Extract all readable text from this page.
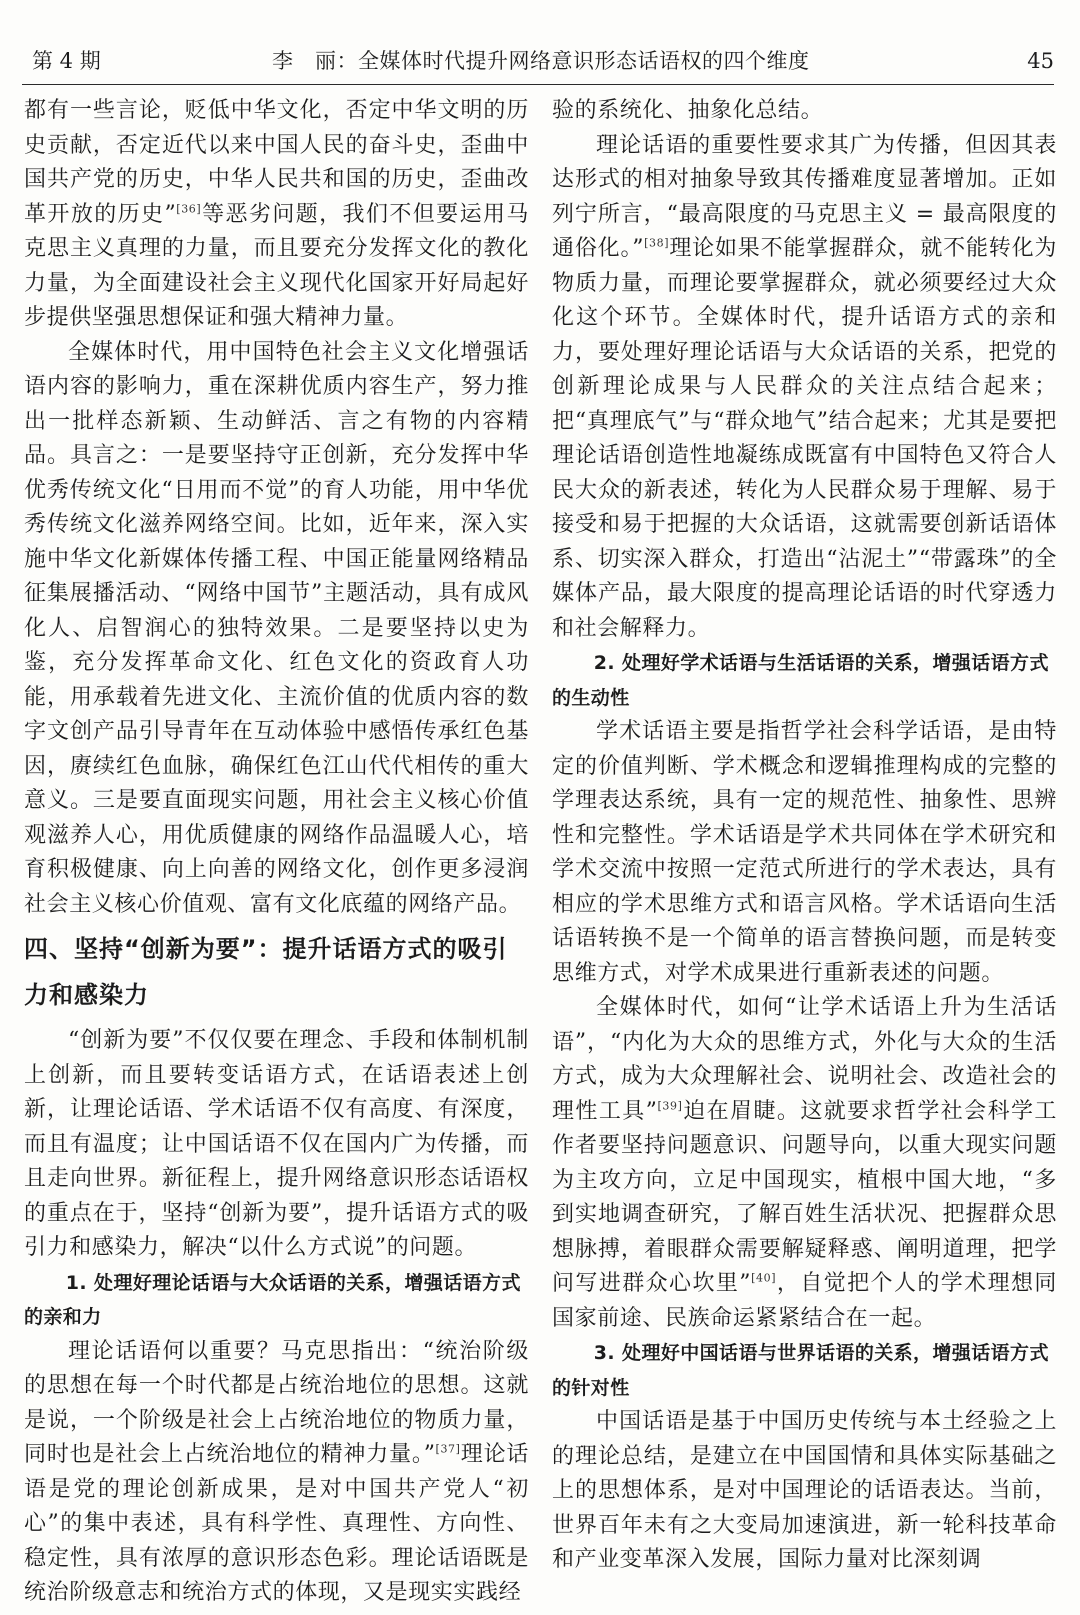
第 4 期	李　丽：全媒体时代提升网络意识形态话语权的四个维度	45

都有一些言论，贬低中华文化，否定中华文明的历史贡献，否定近代以来中国人民的奋斗史，歪曲中国共产党的历史，中华人民共和国的历史，歪曲改革开放的历史”[36]等恶劣问题，我们不但要运用马克思主义真理的力量，而且要充分发挥文化的教化力量，为全面建设社会主义现代化国家开好局起好步提供坚强思想保证和强大精神力量。

全媒体时代，用中国特色社会主义文化增强话语内容的影响力，重在深耕优质内容生产，努力推出一批样态新颖、生动鲜活、言之有物的内容精品。具言之：一是要坚持守正创新，充分发挥中华优秀传统文化“日用而不觉”的育人功能，用中华优秀传统文化滋养网络空间。比如，近年来，深入实施中华文化新媒体传播工程、中国正能量网络精品征集展播活动、“网络中国节”主题活动，具有成风化人、启智润心的独特效果。二是要坚持以史为鉴，充分发挥革命文化、红色文化的资政育人功能，用承载着先进文化、主流价值的优质内容的数字文创产品引导青年在互动体验中感悟传承红色基因，赓续红色血脉，确保红色江山代代相传的重大意义。三是要直面现实问题，用社会主义核心价值观滋养人心，用优质健康的网络作品温暖人心，培育积极健康、向上向善的网络文化，创作更多浸润社会主义核心价值观、富有文化底蕴的网络产品。

四、坚持“创新为要”：提升话语方式的吸引力和感染力

“创新为要”不仅仅要在理念、手段和体制机制上创新，而且要转变话语方式，在话语表述上创新，让理论话语、学术话语不仅有高度、有深度，而且有温度；让中国话语不仅在国内广为传播，而且走向世界。新征程上，提升网络意识形态话语权的重点在于，坚持“创新为要”，提升话语方式的吸引力和感染力，解决“以什么方式说”的问题。

1. 处理好理论话语与大众话语的关系，增强话语方式的亲和力

理论话语何以重要？马克思指出：“统治阶级的思想在每一个时代都是占统治地位的思想。这就是说，一个阶级是社会上占统治地位的物质力量，同时也是社会上占统治地位的精神力量。”[37]理论话语是党的理论创新成果，是对中国共产党人“初心”的集中表述，具有科学性、真理性、方向性、稳定性，具有浓厚的意识形态色彩。理论话语既是统治阶级意志和统治方式的体现，又是现实实践经

验的系统化、抽象化总结。

理论话语的重要性要求其广为传播，但因其表达形式的相对抽象导致其传播难度显著增加。正如列宁所言，“最高限度的马克思主义 = 最高限度的通俗化。”[38]理论如果不能掌握群众，就不能转化为物质力量，而理论要掌握群众，就必须要经过大众化这个环节。全媒体时代，提升话语方式的亲和力，要处理好理论话语与大众话语的关系，把党的创新理论成果与人民群众的关注点结合起来；把“真理底气”与“群众地气”结合起来；尤其是要把理论话语创造性地凝练成既富有中国特色又符合人民大众的新表述，转化为人民群众易于理解、易于接受和易于把握的大众话语，这就需要创新话语体系、切实深入群众，打造出“沾泥土”“带露珠”的全媒体产品，最大限度的提高理论话语的时代穿透力和社会解释力。

2. 处理好学术话语与生活话语的关系，增强话语方式的生动性

学术话语主要是指哲学社会科学话语，是由特定的价值判断、学术概念和逻辑推理构成的完整的学理表达系统，具有一定的规范性、抽象性、思辨性和完整性。学术话语是学术共同体在学术研究和学术交流中按照一定范式所进行的学术表达，具有相应的学术思维方式和语言风格。学术话语向生活话语转换不是一个简单的语言替换问题，而是转变思维方式，对学术成果进行重新表述的问题。

全媒体时代，如何“让学术话语上升为生活话语”，“内化为大众的思维方式，外化与大众的生活方式，成为大众理解社会、说明社会、改造社会的理性工具”[39]迫在眉睫。这就要求哲学社会科学工作者要坚持问题意识、问题导向，以重大现实问题为主攻方向，立足中国现实，植根中国大地，“多到实地调查研究，了解百姓生活状况、把握群众思想脉搏，着眼群众需要解疑释惑、阐明道理，把学问写进群众心坎里”[40]，自觉把个人的学术理想同国家前途、民族命运紧紧结合在一起。

3. 处理好中国话语与世界话语的关系，增强话语方式的针对性

中国话语是基于中国历史传统与本土经验之上的理论总结，是建立在中国国情和具体实际基础之上的思想体系，是对中国理论的话语表达。当前，世界百年未有之大变局加速演进，新一轮科技革命和产业变革深入发展，国际力量对比深刻调
